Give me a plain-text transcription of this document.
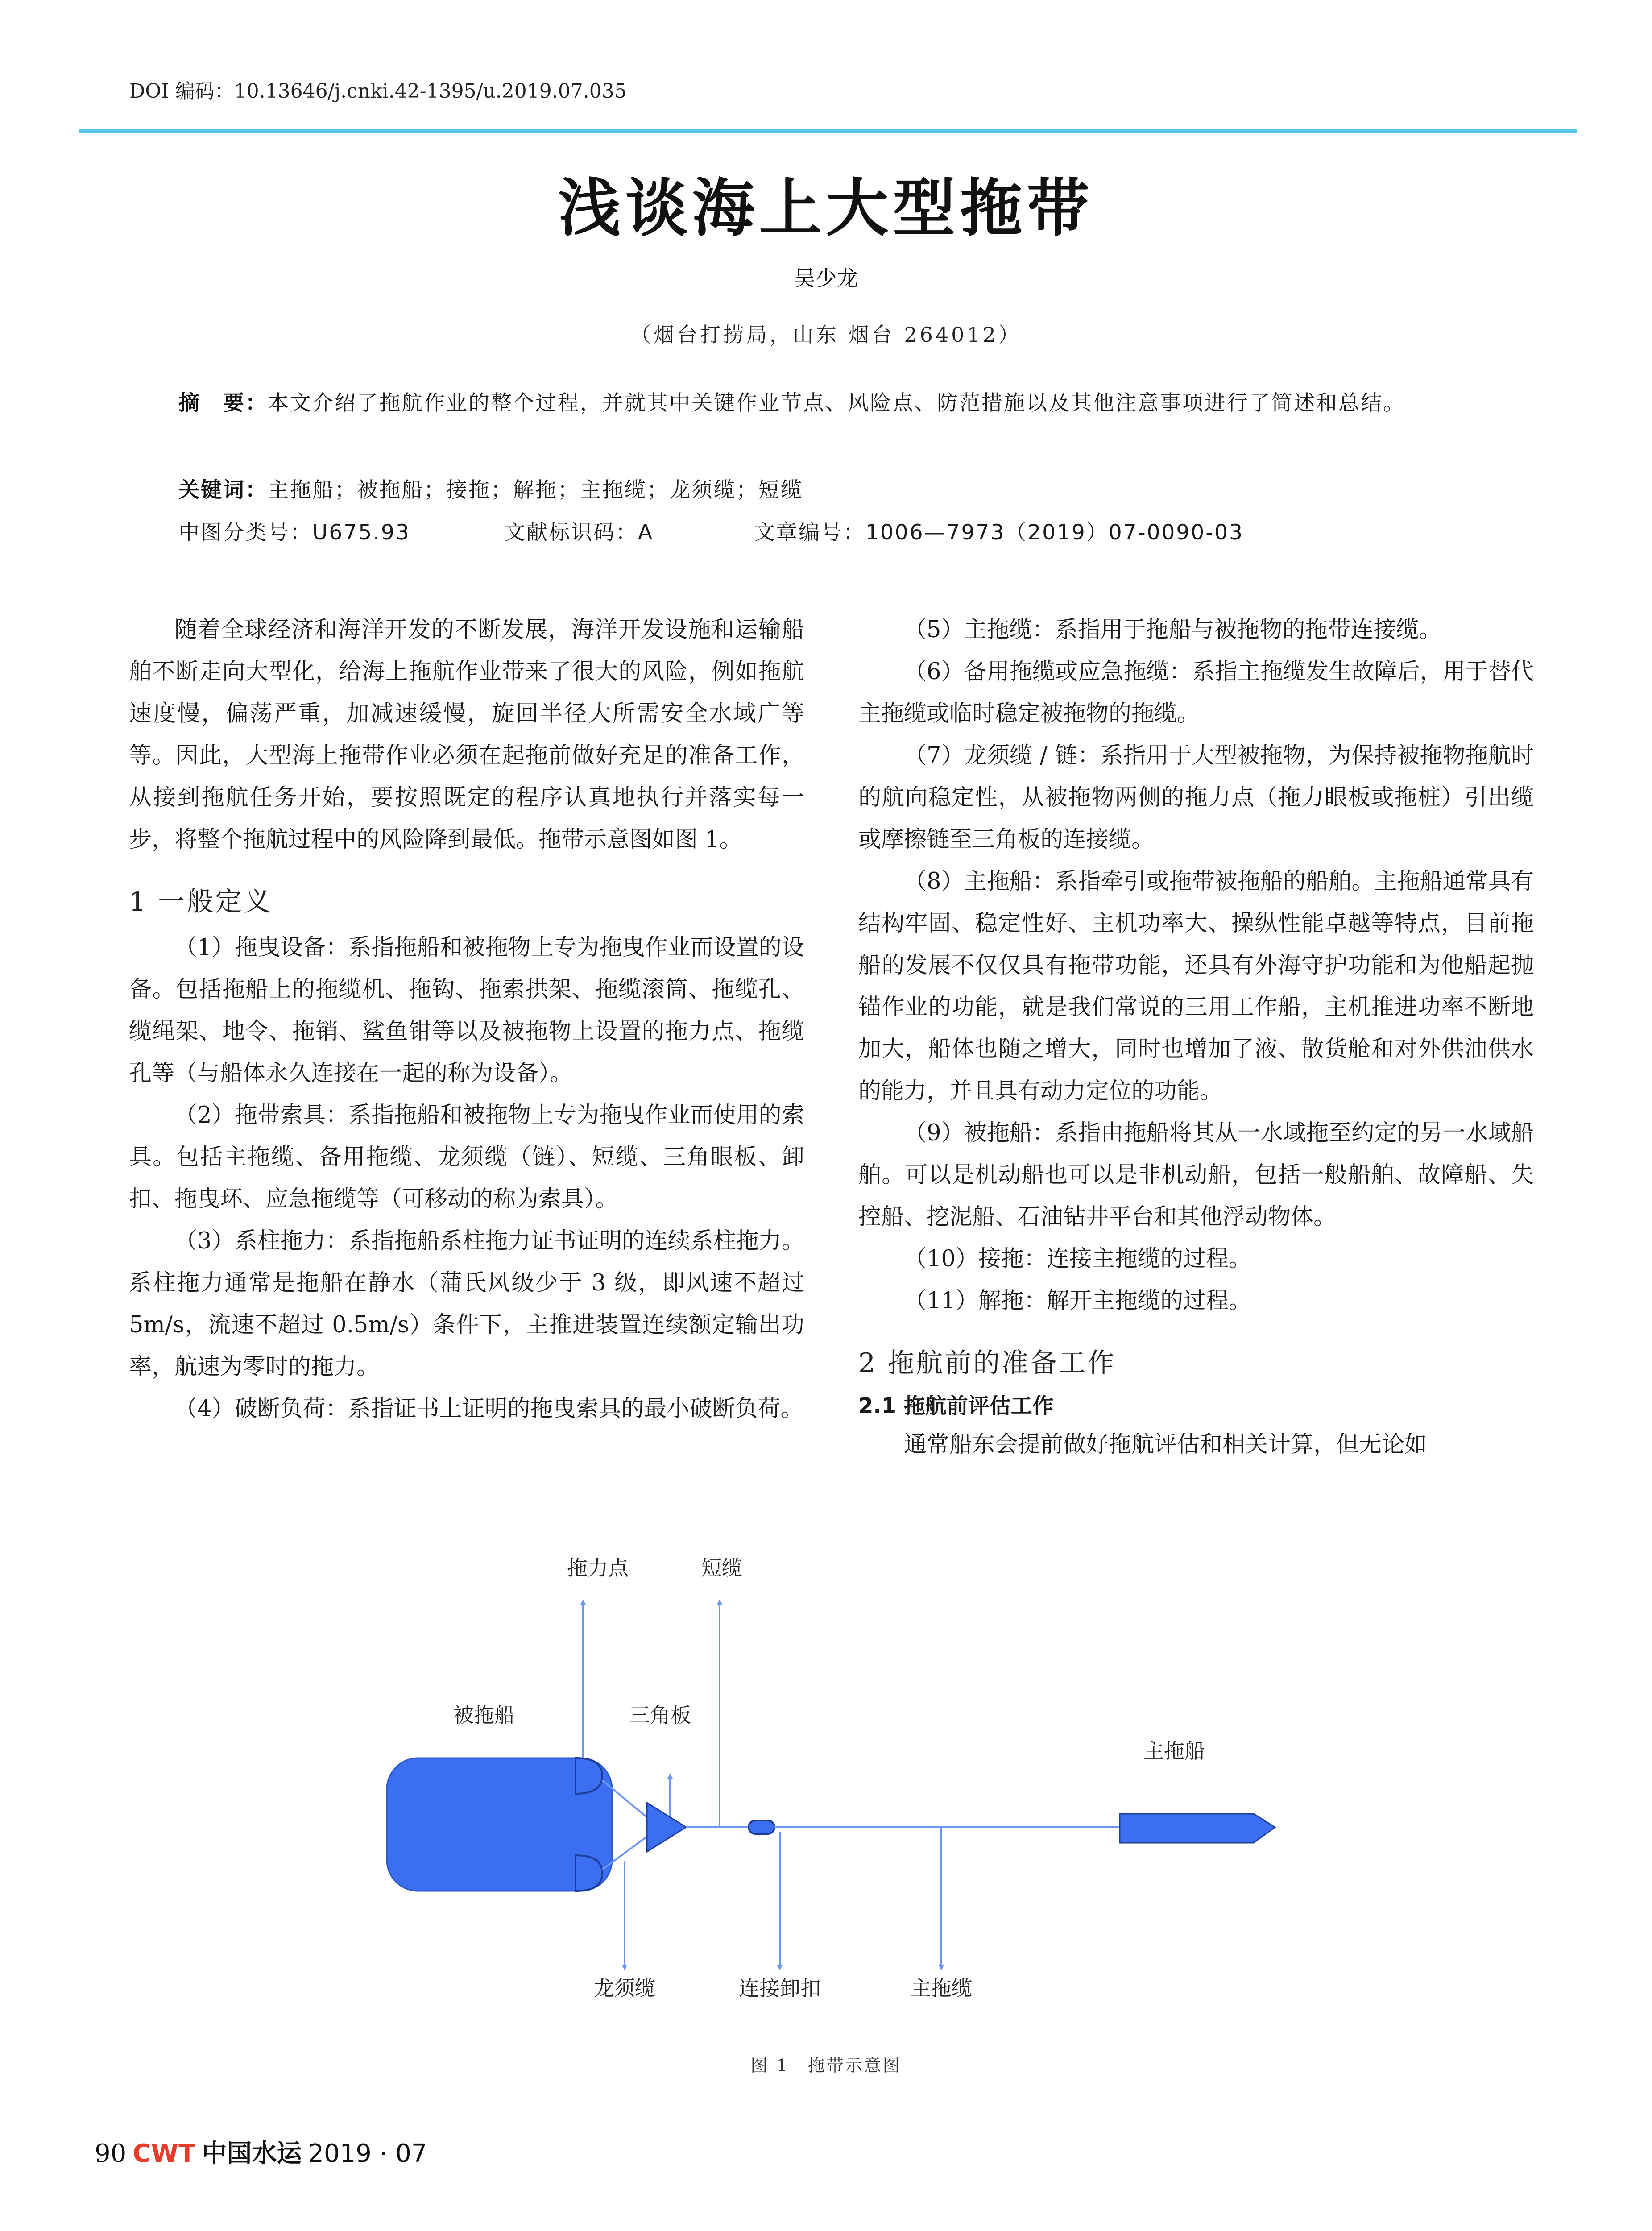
DOI 编码：10.13646/j.cnki.42-1395/u.2019.07.035
浅谈海上大型拖带
吴少龙
（烟台打捞局，山东 烟台 264012）
摘　要：本文介绍了拖航作业的整个过程，并就其中关键作业节点、风险点、防范措施以及其他注意事项进行了简述和总结。
关键词：主拖船；被拖船；接拖；解拖；主拖缆；龙须缆；短缆
中图分类号：U675.93	文献标识码：A	文章编号：1006—7973（2019）07-0090-03

随着全球经济和海洋开发的不断发展，海洋开发设施和运输船舶不断走向大型化，给海上拖航作业带来了很大的风险，例如拖航速度慢，偏荡严重，加减速缓慢，旋回半径大所需安全水域广等等。因此，大型海上拖带作业必须在起拖前做好充足的准备工作，从接到拖航任务开始，要按照既定的程序认真地执行并落实每一步，将整个拖航过程中的风险降到最低。拖带示意图如图 1。

1 一般定义

（1）拖曳设备：系指拖船和被拖物上专为拖曳作业而设置的设备。包括拖船上的拖缆机、拖钩、拖索拱架、拖缆滚筒、拖缆孔、缆绳架、地令、拖销、鲨鱼钳等以及被拖物上设置的拖力点、拖缆孔等（与船体永久连接在一起的称为设备）。

（2）拖带索具：系指拖船和被拖物上专为拖曳作业而使用的索具。包括主拖缆、备用拖缆、龙须缆（链）、短缆、三角眼板、卸扣、拖曳环、应急拖缆等（可移动的称为索具）。

（3）系柱拖力：系指拖船系柱拖力证书证明的连续系柱拖力。系柱拖力通常是拖船在静水（蒲氏风级少于 3 级，即风速不超过 5m/s，流速不超过 0.5m/s）条件下，主推进装置连续额定输出功率，航速为零时的拖力。

（4）破断负荷：系指证书上证明的拖曳索具的最小破断负荷。

（5）主拖缆：系指用于拖船与被拖物的拖带连接缆。

（6）备用拖缆或应急拖缆：系指主拖缆发生故障后，用于替代主拖缆或临时稳定被拖物的拖缆。

（7）龙须缆 / 链：系指用于大型被拖物，为保持被拖物拖航时的航向稳定性，从被拖物两侧的拖力点（拖力眼板或拖桩）引出缆或摩擦链至三角板的连接缆。

（8）主拖船：系指牵引或拖带被拖船的船舶。主拖船通常具有结构牢固、稳定性好、主机功率大、操纵性能卓越等特点，目前拖船的发展不仅仅具有拖带功能，还具有外海守护功能和为他船起抛锚作业的功能，就是我们常说的三用工作船，主机推进功率不断地加大，船体也随之增大，同时也增加了液、散货舱和对外供油供水的能力，并且具有动力定位的功能。

（9）被拖船：系指由拖船将其从一水域拖至约定的另一水域船舶。可以是机动船也可以是非机动船，包括一般船舶、故障船、失控船、挖泥船、石油钻井平台和其他浮动物体。

（10）接拖：连接主拖缆的过程。

（11）解拖：解开主拖缆的过程。

2 拖航前的准备工作

2.1 拖航前评估工作

通常船东会提前做好拖航评估和相关计算，但无论如

拖力点	短缆
被拖船	三角板
主拖船
龙须缆	连接卸扣	主拖缆
图 1　拖带示意图
90 CWT 中国水运 2019 · 07
